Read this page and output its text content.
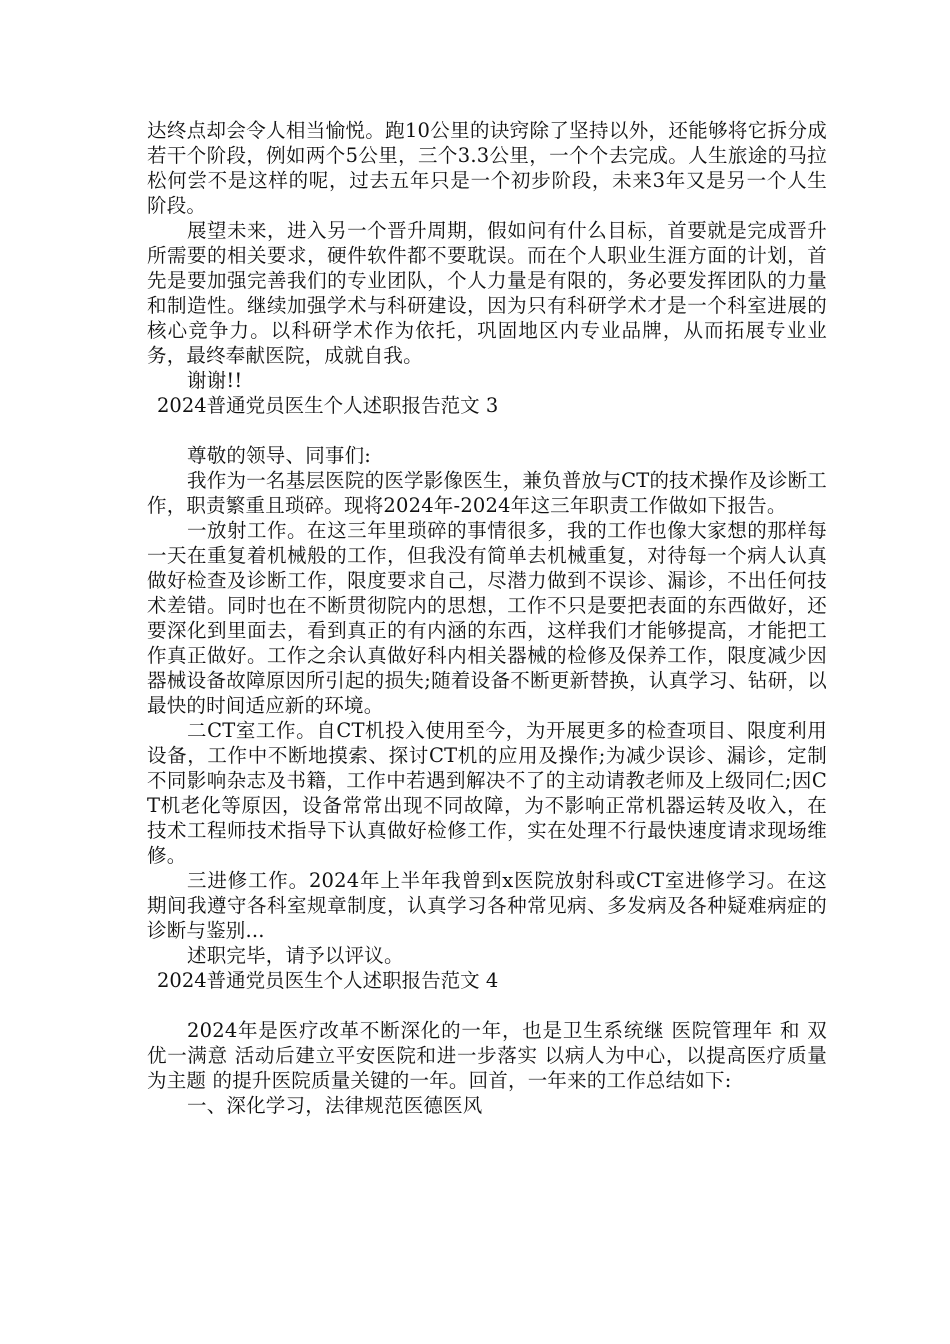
达终点却会令人相当愉悦。跑10公里的诀窍除了坚持以外，还能够将它拆分成若干个阶段，例如两个5公里，三个3.3公里，一个个去完成。人生旅途的马拉松何尝不是这样的呢，过去五年只是一个初步阶段，未来3年又是另一个人生阶段。

展望未来，进入另一个晋升周期，假如问有什么目标，首要就是完成晋升所需要的相关要求，硬件软件都不要耽误。而在个人职业生涯方面的计划，首先是要加强完善我们的专业团队，个人力量是有限的，务必要发挥团队的力量和制造性。继续加强学术与科研建设，因为只有科研学术才是一个科室进展的核心竞争力。以科研学术作为依托，巩固地区内专业品牌，从而拓展专业业务，最终奉献医院，成就自我。

谢谢!!

2024普通党员医生个人述职报告范文 3

尊敬的领导、同事们:

我作为一名基层医院的医学影像医生，兼负普放与CT的技术操作及诊断工作，职责繁重且琐碎。现将2024年-2024年这三年职责工作做如下报告。

一放射工作。在这三年里琐碎的事情很多，我的工作也像大家想的那样每一天在重复着机械般的工作，但我没有简单去机械重复，对待每一个病人认真做好检查及诊断工作，限度要求自己，尽潜力做到不误诊、漏诊，不出任何技术差错。同时也在不断贯彻院内的思想，工作不只是要把表面的东西做好，还要深化到里面去，看到真正的有内涵的东西，这样我们才能够提高，才能把工作真正做好。工作之余认真做好科内相关器械的检修及保养工作，限度减少因器械设备故障原因所引起的损失;随着设备不断更新替换，认真学习、钻研，以最快的时间适应新的环境。

二CT室工作。自CT机投入使用至今，为开展更多的检查项目、限度利用设备，工作中不断地摸索、探讨CT机的应用及操作;为减少误诊、漏诊，定制不同影响杂志及书籍，工作中若遇到解决不了的主动请教老师及上级同仁;因CT机老化等原因，设备常常出现不同故障，为不影响正常机器运转及收入，在技术工程师技术指导下认真做好检修工作，实在处理不行最快速度请求现场维修。

三进修工作。2024年上半年我曾到x医院放射科或CT室进修学习。在这期间我遵守各科室规章制度，认真学习各种常见病、多发病及各种疑难病症的诊断与鉴别...

述职完毕，请予以评议。

2024普通党员医生个人述职报告范文 4

2024年是医疗改革不断深化的一年，也是卫生系统继 医院管理年 和 双优一满意 活动后建立平安医院和进一步落实 以病人为中心，以提高医疗质量为主题 的提升医院质量关键的一年。回首，一年来的工作总结如下:

一、深化学习，法律规范医德医风
